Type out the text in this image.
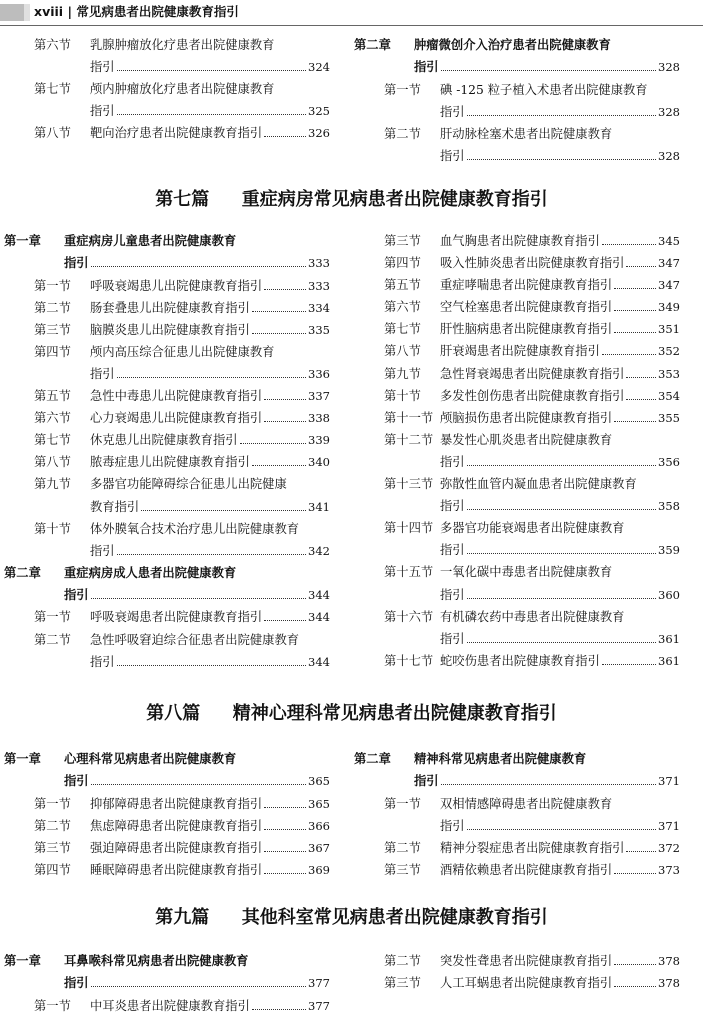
xviii | 常见病患者出院健康教育指引
第六节 乳腺肿瘤放化疗患者出院健康教育
指引	324
第七节 颅内肿瘤放化疗患者出院健康教育
指引	325
第八节 靶向治疗患者出院健康教育指引	326
第二章 肿瘤微创介入治疗患者出院健康教育
指引	328
第一节 碘 -125 粒子植入术患者出院健康教育
指引	328
第二节 肝动脉栓塞术患者出院健康教育
指引	328
第七篇 重症病房常见病患者出院健康教育指引
第一章 重症病房儿童患者出院健康教育
指引	333
第一节 呼吸衰竭患儿出院健康教育指引	333
第二节 肠套叠患儿出院健康教育指引	334
第三节 脑膜炎患儿出院健康教育指引	335
第四节 颅内高压综合征患儿出院健康教育
指引	336
第五节 急性中毒患儿出院健康教育指引	337
第六节 心力衰竭患儿出院健康教育指引	338
第七节 休克患儿出院健康教育指引	339
第八节 脓毒症患儿出院健康教育指引	340
第九节 多器官功能障碍综合征患儿出院健康
教育指引	341
第十节 体外膜氧合技术治疗患儿出院健康教育
指引	342
第二章 重症病房成人患者出院健康教育
指引	344
第一节 呼吸衰竭患者出院健康教育指引	344
第二节 急性呼吸窘迫综合征患者出院健康教育
指引	344
第三节 血气胸患者出院健康教育指引	345
第四节 吸入性肺炎患者出院健康教育指引	347
第五节 重症哮喘患者出院健康教育指引	347
第六节 空气栓塞患者出院健康教育指引	349
第七节 肝性脑病患者出院健康教育指引	351
第八节 肝衰竭患者出院健康教育指引	352
第九节 急性肾衰竭患者出院健康教育指引	353
第十节 多发性创伤患者出院健康教育指引	354
第十一节 颅脑损伤患者出院健康教育指引	355
第十二节 暴发性心肌炎患者出院健康教育
指引	356
第十三节 弥散性血管内凝血患者出院健康教育
指引	358
第十四节 多器官功能衰竭患者出院健康教育
指引	359
第十五节 一氧化碳中毒患者出院健康教育
指引	360
第十六节 有机磷农药中毒患者出院健康教育
指引	361
第十七节 蛇咬伤患者出院健康教育指引	361
第八篇 精神心理科常见病患者出院健康教育指引
第一章 心理科常见病患者出院健康教育
指引	365
第一节 抑郁障碍患者出院健康教育指引	365
第二节 焦虑障碍患者出院健康教育指引	366
第三节 强迫障碍患者出院健康教育指引	367
第四节 睡眠障碍患者出院健康教育指引	369
第二章 精神科常见病患者出院健康教育
指引	371
第一节 双相情感障碍患者出院健康教育
指引	371
第二节 精神分裂症患者出院健康教育指引	372
第三节 酒精依赖患者出院健康教育指引	373
第九篇 其他科室常见病患者出院健康教育指引
第一章 耳鼻喉科常见病患者出院健康教育
指引	377
第一节 中耳炎患者出院健康教育指引	377
第二节 突发性聋患者出院健康教育指引	378
第三节 人工耳蜗患者出院健康教育指引	378
